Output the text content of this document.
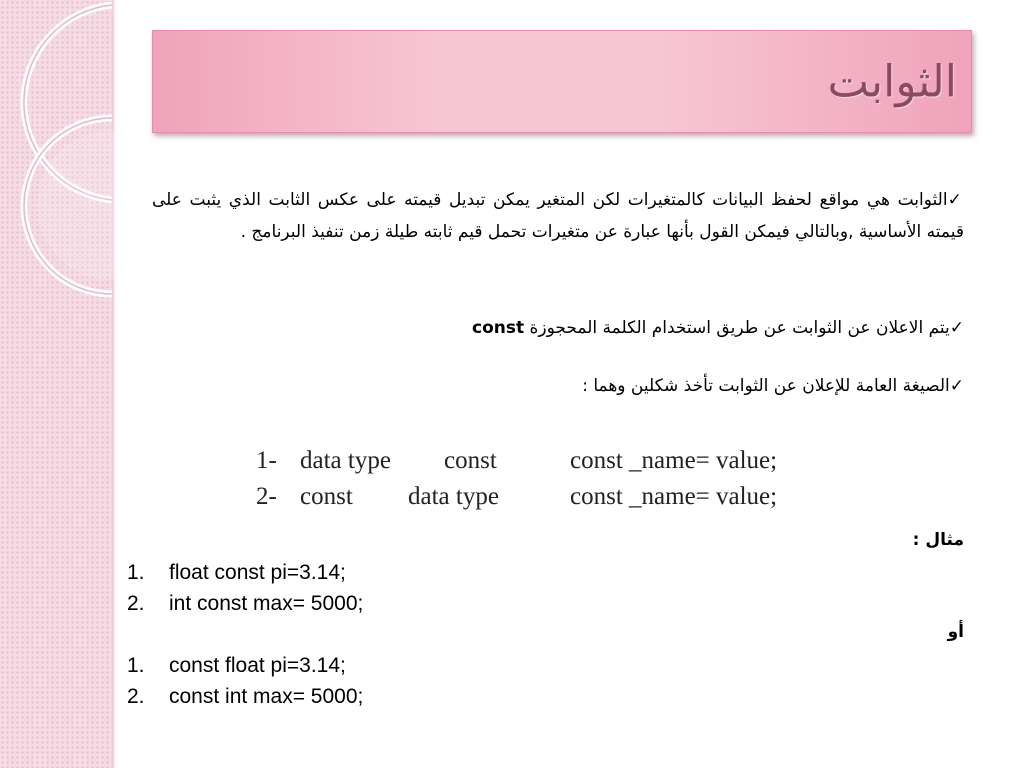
الثوابت
✓الثوابت هي مواقع لحفظ البيانات كالمتغيرات لكن المتغير يمكن تبديل قيمته على عكس الثابت الذي يثبت على قيمته الأساسية ,وبالتالي فيمكن القول بأنها عبارة عن متغيرات تحمل قيم ثابته طيلة زمن تنفيذ البرنامج .
✓يتم الاعلان عن الثوابت عن طريق استخدام الكلمة المحجوزة const
✓الصيغة العامة للإعلان عن الثوابت تأخذ شكلين وهما :
1- data type const	const _name= value;
2- const data type	const _name= value;
مثال :
1. float const pi=3.14;
2. int const max= 5000;
أو
1. const float pi=3.14;
2. const int max= 5000;
